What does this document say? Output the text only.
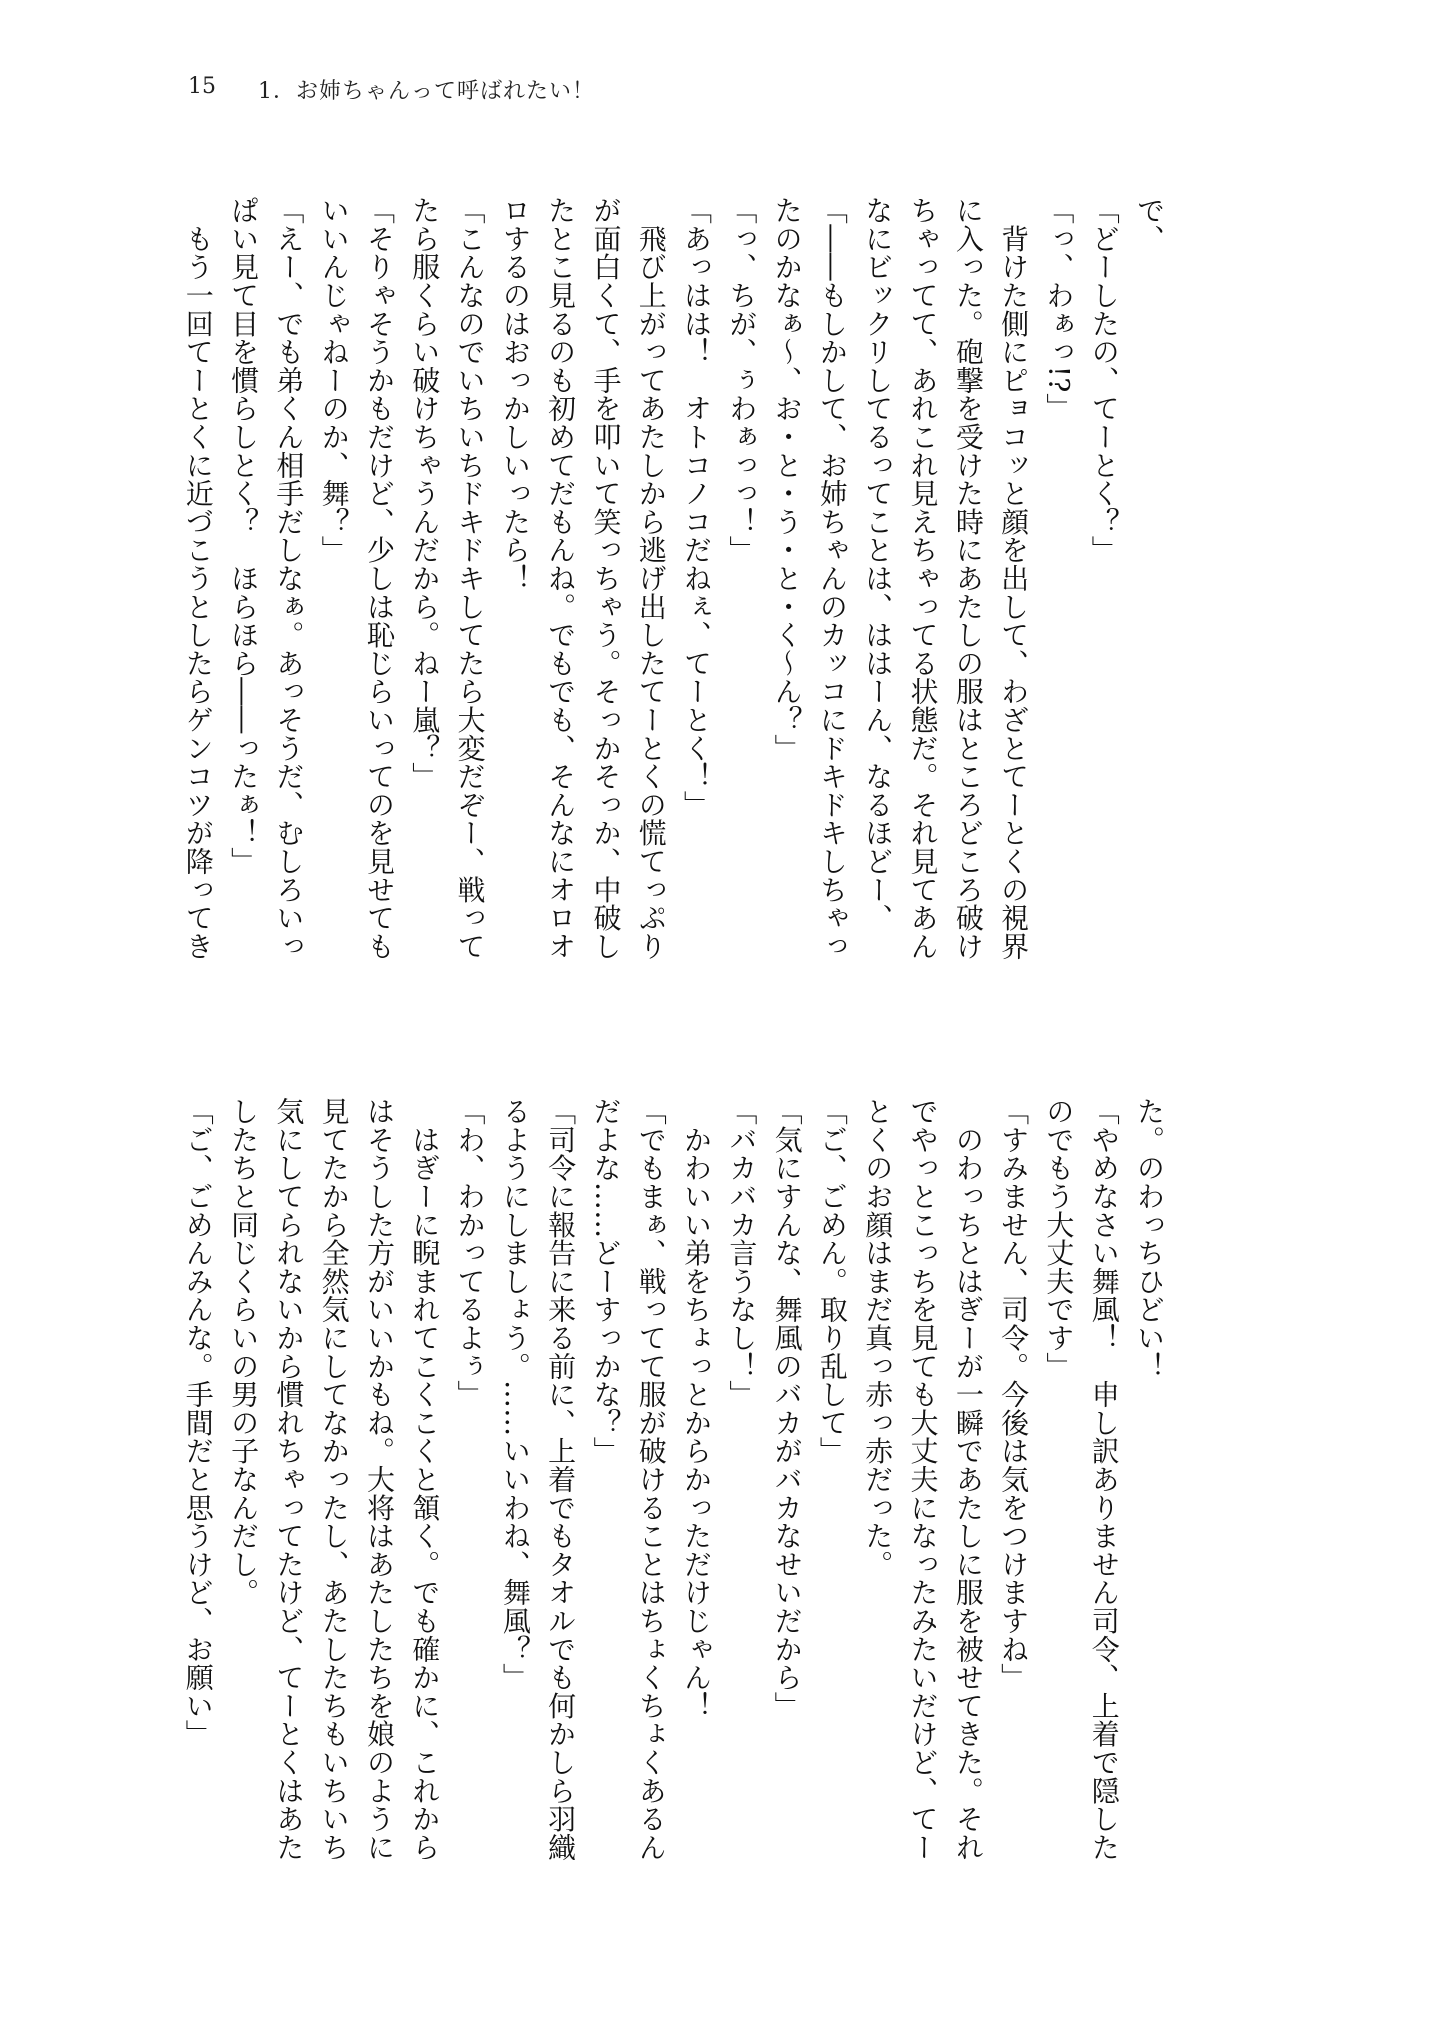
15 1．お姉ちゃんって呼ばれたい！
で、
「どーしたの、てーとく？」
「っ、わぁっ!?」
　背けた側にピョコッと顔を出して、わざとてーとくの視界
に入った。砲撃を受けた時にあたしの服はところどころ破け
ちゃってて、あれこれ見えちゃってる状態だ。それ見てあん
なにビックリしてるってことは、ははーん、なるほどー、
「――もしかして、お姉ちゃんのカッコにドキドキしちゃっ
たのかなぁ〜、お・と・う・と・く〜ん？」
「っ、ちが、ぅわぁっっ！」
「あっはは！　オトコノコだねぇ、てーとく！」
　飛び上がってあたしから逃げ出したてーとくの慌てっぷり
が面白くて、手を叩いて笑っちゃう。そっかそっか、中破し
たとこ見るのも初めてだもんね。でもでも、そんなにオロオ
ロするのはおっかしいったら！
「こんなのでいちいちドキドキしてたら大変だぞー、戦って
たら服くらい破けちゃうんだから。ねー嵐？」
「そりゃそうかもだけど、少しは恥じらいってのを見せても
いいんじゃねーのか、舞？」
「えー、でも弟くん相手だしなぁ。あっそうだ、むしろいっ
ぱい見て目を慣らしとく？　ほらほら――ったぁ！」
　もう一回てーとくに近づこうとしたらゲンコツが降ってき
た。のわっちひどい！
「やめなさい舞風！　申し訳ありません司令、上着で隠した
のでもう大丈夫です」
「すみません、司令。今後は気をつけますね」
　のわっちとはぎーが一瞬であたしに服を被せてきた。それ
でやっとこっちを見ても大丈夫になったみたいだけど、てー
とくのお顔はまだ真っ赤っ赤だった。
「ご、ごめん。取り乱して」
「気にすんな、舞風のバカがバカなせいだから」
「バカバカ言うなし！」
　かわいい弟をちょっとからかっただけじゃん！
「でもまぁ、戦ってて服が破けることはちょくちょくあるん
だよな……どーすっかな？」
「司令に報告に来る前に、上着でもタオルでも何かしら羽織
るようにしましょう。……いいわね、舞風？」
「わ、わかってるよぅ」
　はぎーに睨まれてこくこくと頷く。でも確かに、これから
はそうした方がいいかもね。大将はあたしたちを娘のように
見てたから全然気にしてなかったし、あたしたちもいちいち
気にしてられないから慣れちゃってたけど、てーとくはあた
したちと同じくらいの男の子なんだし。
「ご、ごめんみんな。手間だと思うけど、お願い」
